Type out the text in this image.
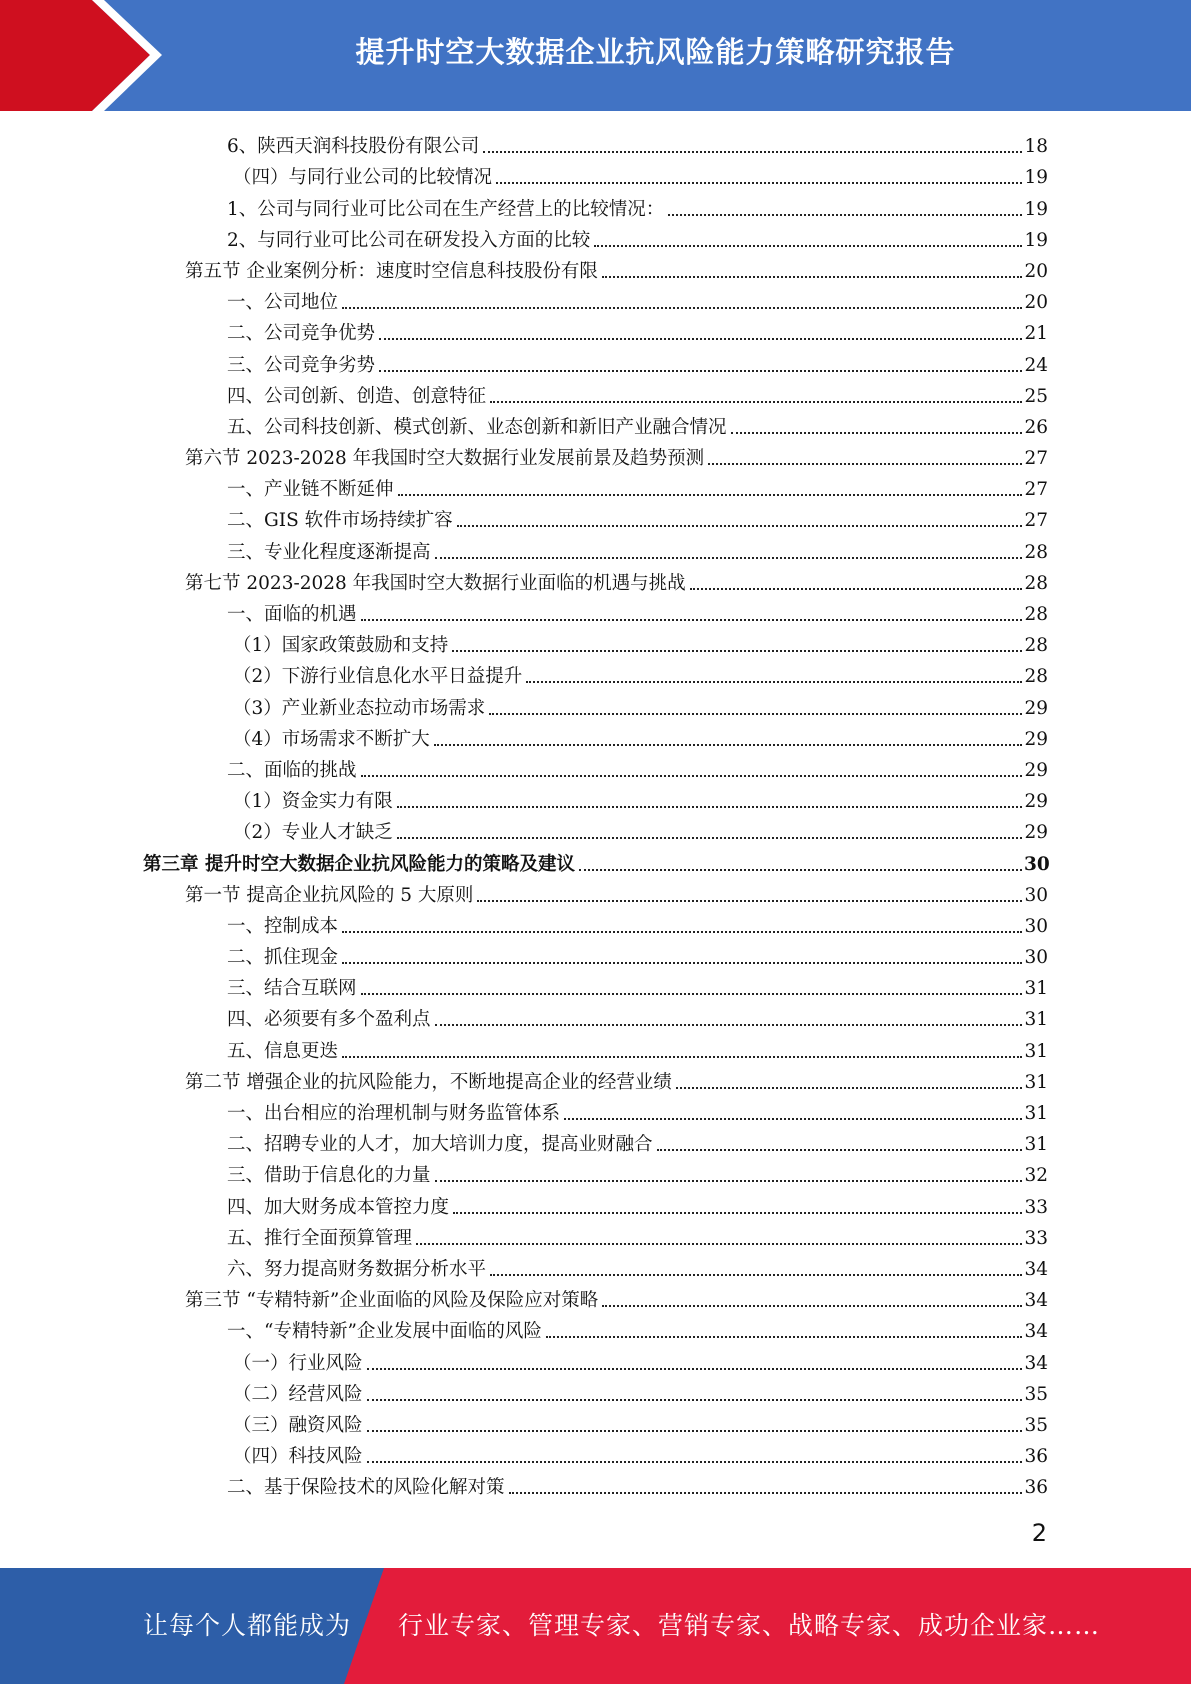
提升时空大数据企业抗风险能力策略研究报告
6、陕西天润科技股份有限公司	18
（四）与同行业公司的比较情况	19
1、公司与同行业可比公司在生产经营上的比较情况：	19
2、与同行业可比公司在研发投入方面的比较	19
第五节 企业案例分析：速度时空信息科技股份有限	20
一、公司地位	20
二、公司竞争优势	21
三、公司竞争劣势	24
四、公司创新、创造、创意特征	25
五、公司科技创新、模式创新、业态创新和新旧产业融合情况	26
第六节 2023-2028 年我国时空大数据行业发展前景及趋势预测	27
一、产业链不断延伸	27
二、GIS 软件市场持续扩容	27
三、专业化程度逐渐提高	28
第七节 2023-2028 年我国时空大数据行业面临的机遇与挑战	28
一、面临的机遇	28
（1）国家政策鼓励和支持	28
（2）下游行业信息化水平日益提升	28
（3）产业新业态拉动市场需求	29
（4）市场需求不断扩大	29
二、面临的挑战	29
（1）资金实力有限	29
（2）专业人才缺乏	29
第三章 提升时空大数据企业抗风险能力的策略及建议	30
第一节 提高企业抗风险的 5 大原则	30
一、控制成本	30
二、抓住现金	30
三、结合互联网	31
四、必须要有多个盈利点	31
五、信息更迭	31
第二节 增强企业的抗风险能力，不断地提高企业的经营业绩	31
一、出台相应的治理机制与财务监管体系	31
二、招聘专业的人才，加大培训力度，提高业财融合	31
三、借助于信息化的力量	32
四、加大财务成本管控力度	33
五、推行全面预算管理	33
六、努力提高财务数据分析水平	34
第三节 “专精特新”企业面临的风险及保险应对策略	34
一、“专精特新”企业发展中面临的风险	34
（一）行业风险	34
（二）经营风险	35
（三）融资风险	35
（四）科技风险	36
二、基于保险技术的风险化解对策	36
2
让每个人都能成为 行业专家、管理专家、营销专家、战略专家、成功企业家……
